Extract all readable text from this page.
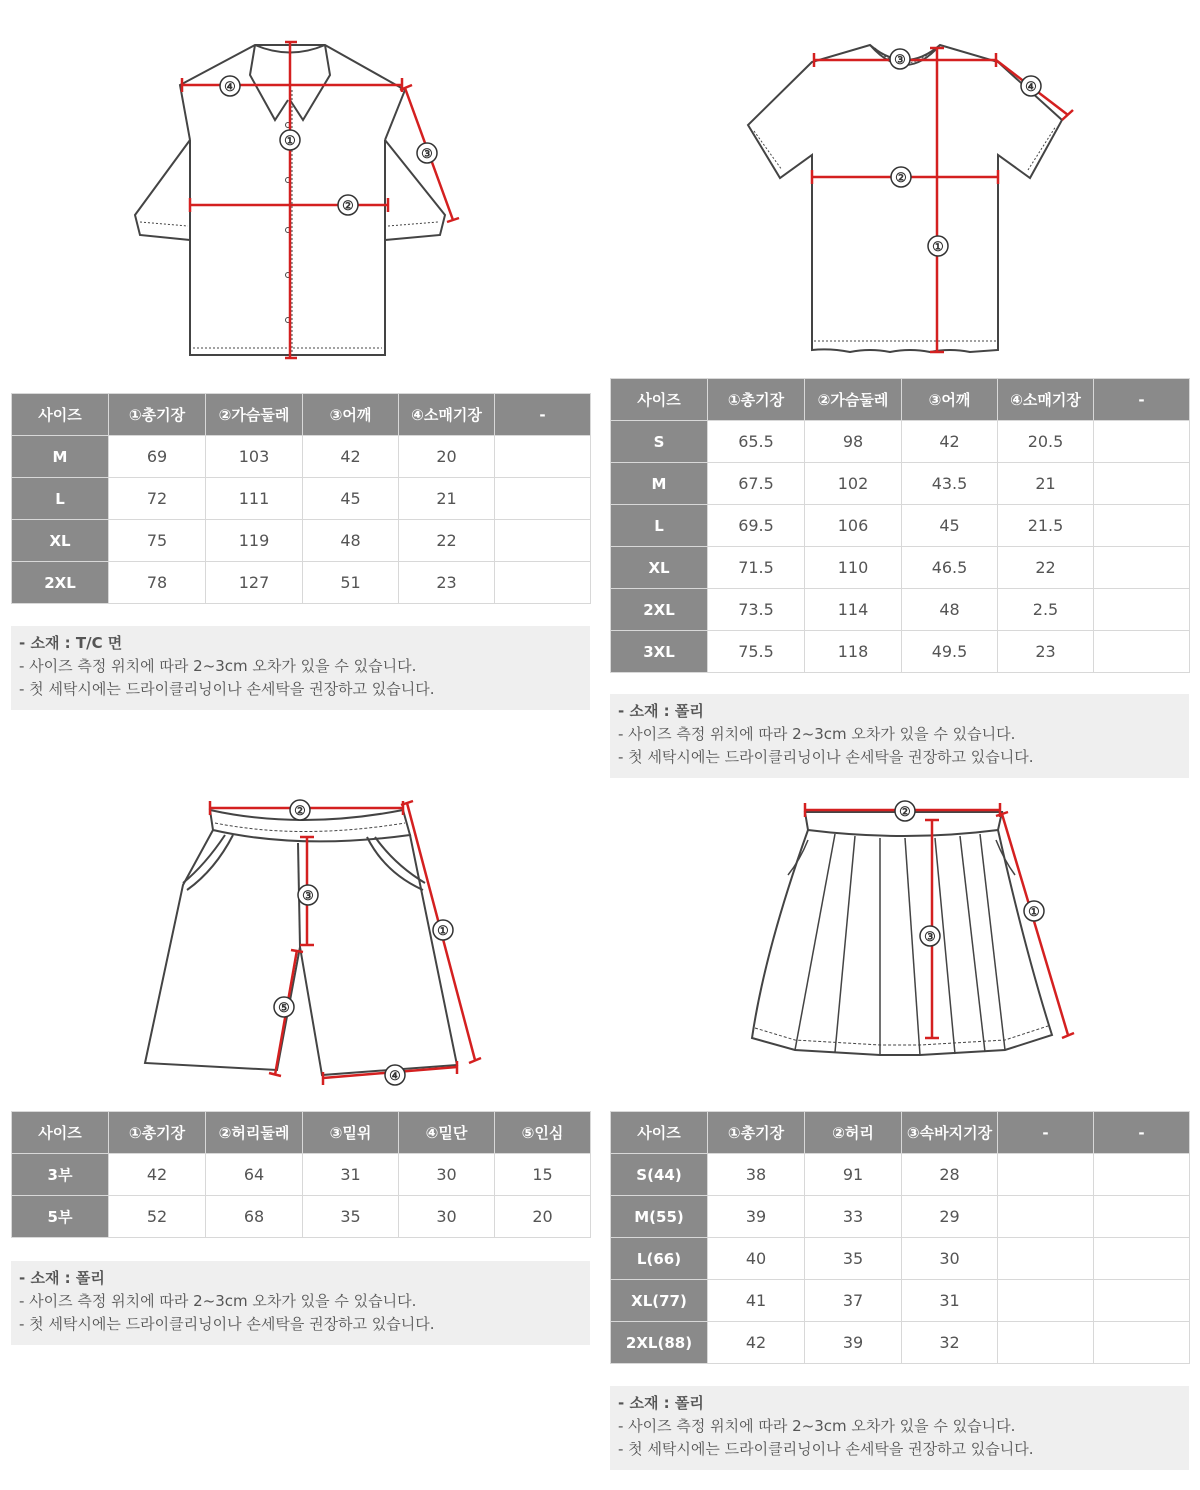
①
②
③
④
①
②
③
④
사이즈	①총기장	②가슴둘레	③어깨	④소매기장	-
M	69	103	42	20	
L	72	111	45	21	
XL	75	119	48	22	
2XL	78	127	51	23	
- 소재 : T/C 면
- 사이즈 측정 위치에 따라 2~3cm 오차가 있을 수 있습니다.
- 첫 세탁시에는 드라이클리닝이나 손세탁을 권장하고 있습니다.
사이즈	①총기장	②가슴둘레	③어깨	④소매기장	-
S	65.5	98	42	20.5	
M	67.5	102	43.5	21	
L	69.5	106	45	21.5	
XL	71.5	110	46.5	22	
2XL	73.5	114	48	2.5	
3XL	75.5	118	49.5	23	
- 소재 : 폴리
- 사이즈 측정 위치에 따라 2~3cm 오차가 있을 수 있습니다.
- 첫 세탁시에는 드라이클리닝이나 손세탁을 권장하고 있습니다.
①
②
③
④
⑤
①
②
③
사이즈	①총기장	②허리둘레	③밑위	④밑단	⑤인심
3부	42	64	31	30	15
5부	52	68	35	30	20
- 소재 : 폴리
- 사이즈 측정 위치에 따라 2~3cm 오차가 있을 수 있습니다.
- 첫 세탁시에는 드라이클리닝이나 손세탁을 권장하고 있습니다.
사이즈	①총기장	②허리	③속바지기장	-	-
S(44)	38	91	28		
M(55)	39	33	29		
L(66)	40	35	30		
XL(77)	41	37	31		
2XL(88)	42	39	32		
- 소재 : 폴리
- 사이즈 측정 위치에 따라 2~3cm 오차가 있을 수 있습니다.
- 첫 세탁시에는 드라이클리닝이나 손세탁을 권장하고 있습니다.
